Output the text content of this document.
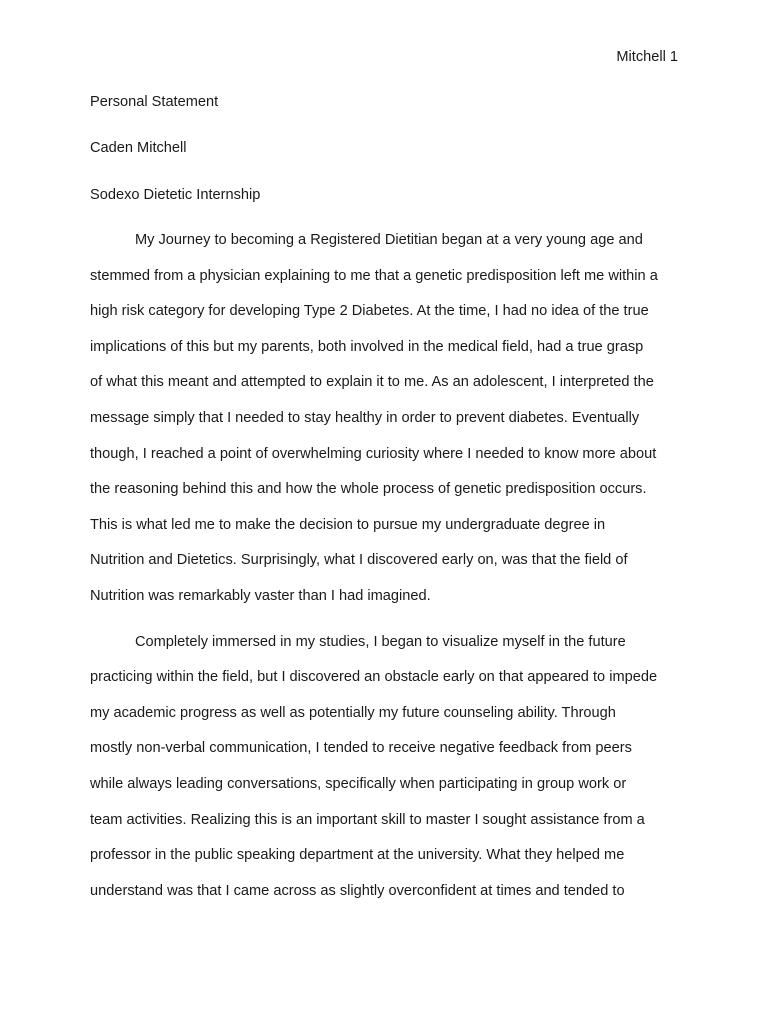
Mitchell 1
Personal Statement
Caden Mitchell
Sodexo Dietetic Internship
My Journey to becoming a Registered Dietitian began at a very young age and
stemmed from a physician explaining to me that a genetic predisposition left me within a
high risk category for developing Type 2 Diabetes. At the time, I had no idea of the true
implications of this but my parents, both involved in the medical field, had a true grasp
of what this meant and attempted to explain it to me. As an adolescent, I interpreted the
message simply that I needed to stay healthy in order to prevent diabetes. Eventually
though, I reached a point of overwhelming curiosity where I needed to know more about
the reasoning behind this and how the whole process of genetic predisposition occurs.
This is what led me to make the decision to pursue my undergraduate degree in
Nutrition and Dietetics. Surprisingly, what I discovered early on, was that the field of
Nutrition was remarkably vaster than I had imagined.
Completely immersed in my studies, I began to visualize myself in the future
practicing within the field, but I discovered an obstacle early on that appeared to impede
my academic progress as well as potentially my future counseling ability. Through
mostly non-verbal communication, I tended to receive negative feedback from peers
while always leading conversations, specifically when participating in group work or
team activities. Realizing this is an important skill to master I sought assistance from a
professor in the public speaking department at the university. What they helped me
understand was that I came across as slightly overconfident at times and tended to
